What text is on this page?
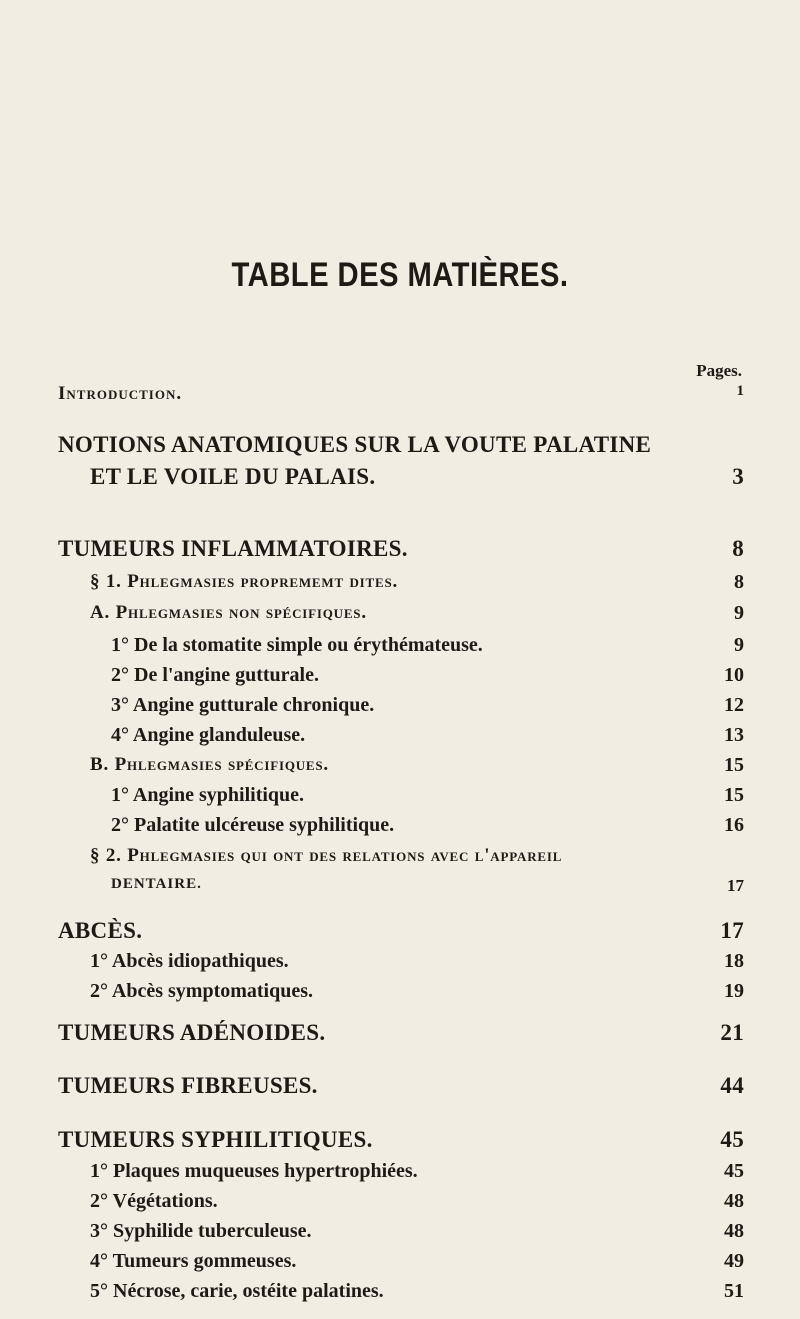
TABLE DES MATIÈRES.
Pages.
Introduction.	1
NOTIONS ANATOMIQUES SUR LA VOUTE PALATINE
ET LE VOILE DU PALAIS.	3
TUMEURS INFLAMMATOIRES.	8
§ 1. Phlegmasies proprememt dites.	8
A. Phlegmasies non spécifiques.	9
1° De la stomatite simple ou érythémateuse.	9
2° De l'angine gutturale.	10
3° Angine gutturale chronique.	12
4° Angine glanduleuse.	13
B. Phlegmasies spécifiques.	15
1° Angine syphilitique.	15
2° Palatite ulcéreuse syphilitique.	16
§ 2. Phlegmasies qui ont des relations avec l'appareil
DENTAIRE.	17
ABCÈS.	17
1° Abcès idiopathiques.	18
2° Abcès symptomatiques.	19
TUMEURS ADÉNOIDES.	21
TUMEURS FIBREUSES.	44
TUMEURS SYPHILITIQUES.	45
1° Plaques muqueuses hypertrophiées.	45
2° Végétations.	48
3° Syphilide tuberculeuse.	48
4° Tumeurs gommeuses.	49
5° Nécrose, carie, ostéite palatines.	51
